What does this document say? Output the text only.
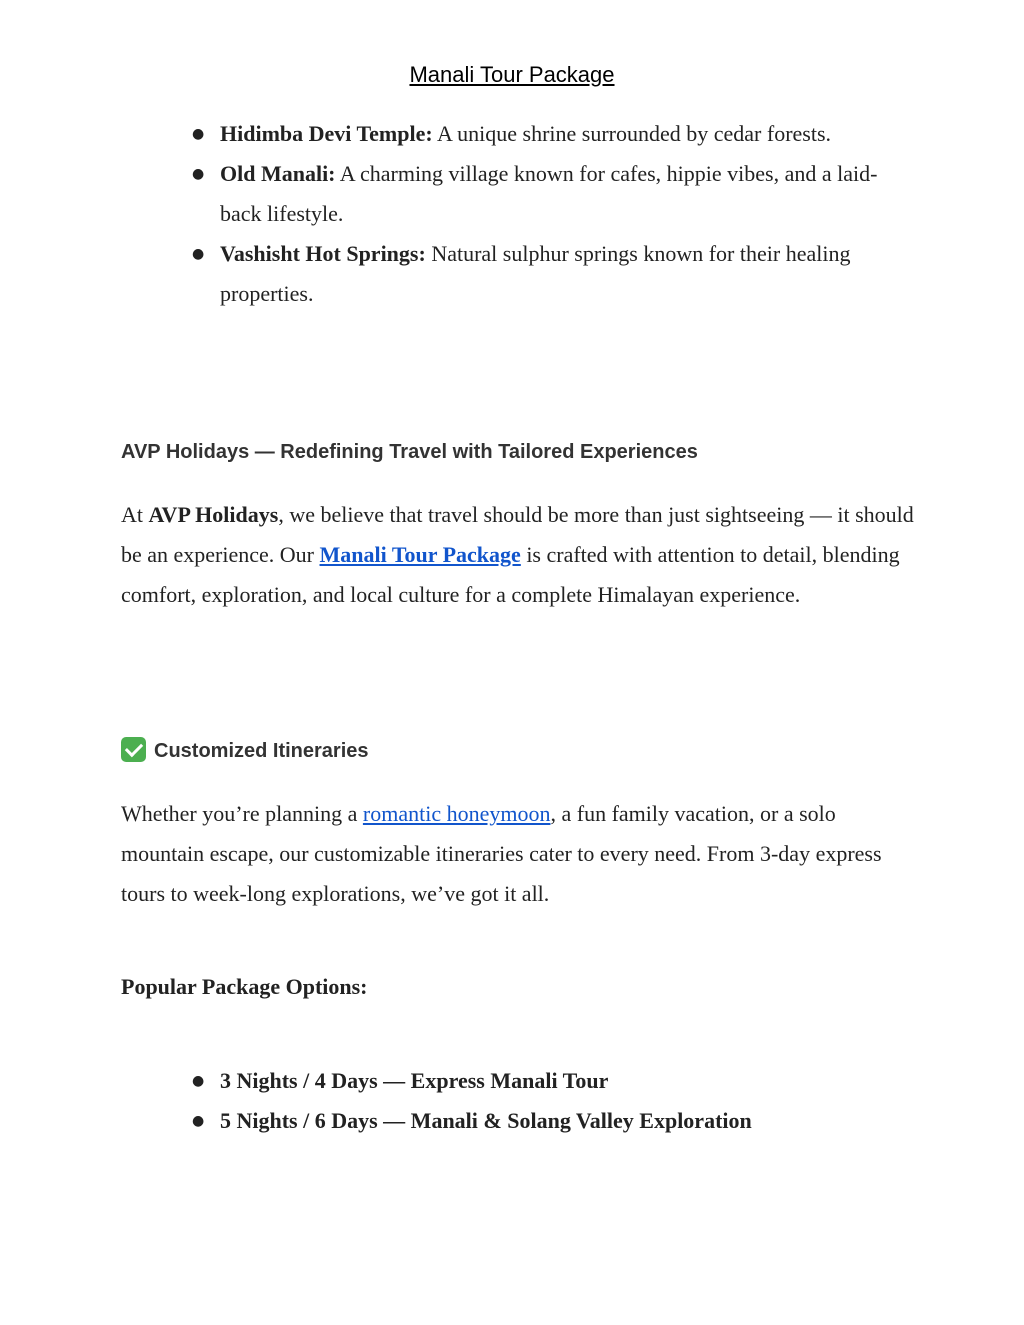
Manali Tour Package
● Hidimba Devi Temple: A unique shrine surrounded by cedar forests.
● Old Manali: A charming village known for cafes, hippie vibes, and a laid-back lifestyle.
● Vashisht Hot Springs: Natural sulphur springs known for their healing properties.
AVP Holidays — Redefining Travel with Tailored Experiences

At AVP Holidays, we believe that travel should be more than just sightseeing — it should be an experience. Our Manali Tour Package is crafted with attention to detail, blending comfort, exploration, and local culture for a complete Himalayan experience.

Customized Itineraries

Whether you’re planning a romantic honeymoon, a fun family vacation, or a solo mountain escape, our customizable itineraries cater to every need. From 3-day express tours to week-long explorations, we’ve got it all.

Popular Package Options:
● 3 Nights / 4 Days — Express Manali Tour
● 5 Nights / 6 Days — Manali & Solang Valley Exploration
